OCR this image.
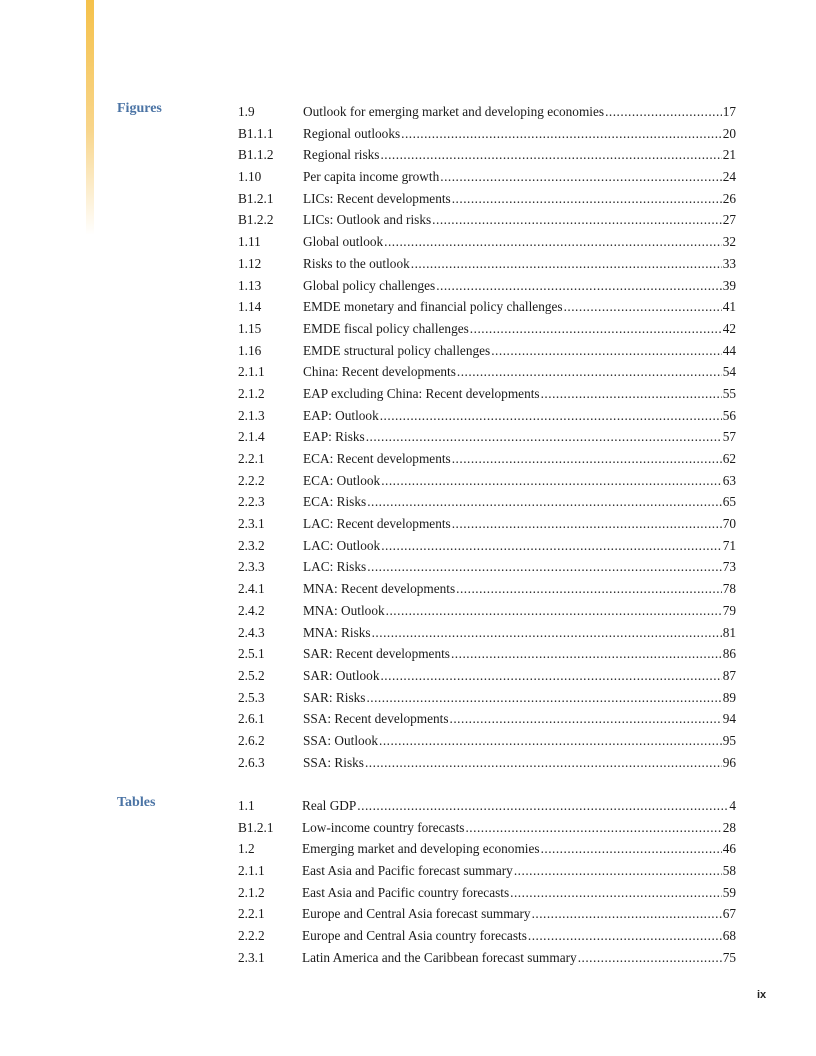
Figures	1.9	Outlook for emerging market and developing economies .....	17
B1.1.1 Regional outlooks .....	20
B1.1.2 Regional risks .....	21
1.10	Per capita income growth .....	24
B1.2.1 LICs: Recent developments .....	26
B1.2.2 LICs: Outlook and risks .....	27
1.11	Global outlook .....	32
1.12	Risks to the outlook .....	33
1.13	Global policy challenges .....	39
1.14	EMDE monetary and financial policy challenges .....	41
1.15	EMDE fiscal policy challenges .....	42
1.16	EMDE structural policy challenges .....	44
2.1.1	China: Recent developments .....	54
2.1.2	EAP excluding China: Recent developments .....	55
2.1.3	EAP: Outlook .....	56
2.1.4	EAP: Risks .....	57
2.2.1	ECA: Recent developments .....	62
2.2.2	ECA: Outlook .....	63
2.2.3	ECA: Risks .....	65
2.3.1	LAC: Recent developments .....	70
2.3.2	LAC: Outlook .....	71
2.3.3	LAC: Risks .....	73
2.4.1	MNA: Recent developments .....	78
2.4.2	MNA: Outlook .....	79
2.4.3	MNA: Risks .....	81
2.5.1	SAR: Recent developments .....	86
2.5.2	SAR: Outlook .....	87
2.5.3	SAR: Risks .....	89
2.6.1	SSA: Recent developments .....	94
2.6.2	SSA: Outlook .....	95
2.6.3	SSA: Risks .....	96
Tables	1.1	Real GDP .....	4
B1.2.1 Low-income country forecasts .....	28
1.2	Emerging market and developing economies .....	46
2.1.1	East Asia and Pacific forecast summary .....	58
2.1.2	East Asia and Pacific country forecasts .....	59
2.2.1	Europe and Central Asia forecast summary .....	67
2.2.2	Europe and Central Asia country forecasts .....	68
2.3.1	Latin America and the Caribbean forecast summary .....	75
ix
